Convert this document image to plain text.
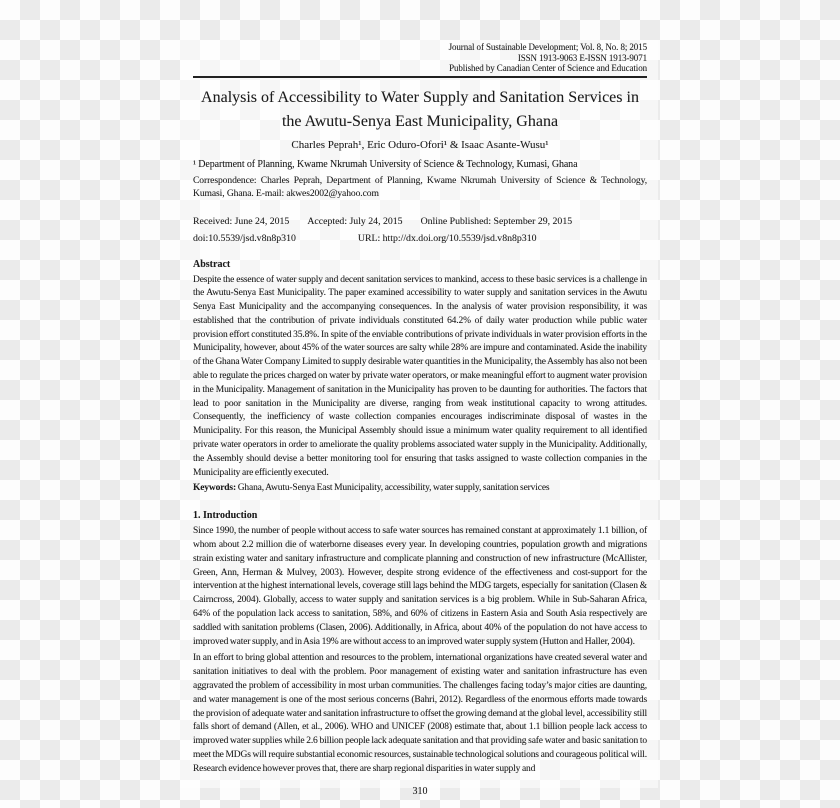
Journal of Sustainable Development; Vol. 8, No. 8; 2015
ISSN 1913-9063 E-ISSN 1913-9071
Published by Canadian Center of Science and Education
Analysis of Accessibility to Water Supply and Sanitation Services in
the Awutu-Senya East Municipality, Ghana
Charles Peprah¹, Eric Oduro-Ofori¹ & Isaac Asante-Wusu¹
¹ Department of Planning, Kwame Nkrumah University of Science & Technology, Kumasi, Ghana
Correspondence: Charles Peprah, Department of Planning, Kwame Nkrumah University of Science & Technology, Kumasi, Ghana. E-mail: akwes2002@yahoo.com
Received: June 24, 2015 Accepted: July 24, 2015 Online Published: September 29, 2015
doi:10.5539/jsd.v8n8p310	URL: http://dx.doi.org/10.5539/jsd.v8n8p310
Abstract
Despite the essence of water supply and decent sanitation services to mankind, access to these basic services is a challenge in the Awutu-Senya East Municipality. The paper examined accessibility to water supply and sanitation services in the Awutu Senya East Municipality and the accompanying consequences. In the analysis of water provision responsibility, it was established that the contribution of private individuals constituted 64.2% of daily water production while public water provision effort constituted 35.8%. In spite of the enviable contributions of private individuals in water provision efforts in the Municipality, however, about 45% of the water sources are salty while 28% are impure and contaminated. Aside the inability of the Ghana Water Company Limited to supply desirable water quantities in the Municipality, the Assembly has also not been able to regulate the prices charged on water by private water operators, or make meaningful effort to augment water provision in the Municipality. Management of sanitation in the Municipality has proven to be daunting for authorities. The factors that lead to poor sanitation in the Municipality are diverse, ranging from weak institutional capacity to wrong attitudes. Consequently, the inefficiency of waste collection companies encourages indiscriminate disposal of wastes in the Municipality. For this reason, the Municipal Assembly should issue a minimum water quality requirement to all identified private water operators in order to ameliorate the quality problems associated water supply in the Municipality. Additionally, the Assembly should devise a better monitoring tool for ensuring that tasks assigned to waste collection companies in the Municipality are efficiently executed.
Keywords: Ghana, Awutu-Senya East Municipality, accessibility, water supply, sanitation services
1. Introduction
Since 1990, the number of people without access to safe water sources has remained constant at approximately 1.1 billion, of whom about 2.2 million die of waterborne diseases every year. In developing countries, population growth and migrations strain existing water and sanitary infrastructure and complicate planning and construction of new infrastructure (McAllister, Green, Ann, Herman & Mulvey, 2003). However, despite strong evidence of the effectiveness and cost-support for the intervention at the highest international levels, coverage still lags behind the MDG targets, especially for sanitation (Clasen & Cairncross, 2004). Globally, access to water supply and sanitation services is a big problem. While in Sub-Saharan Africa, 64% of the population lack access to sanitation, 58%, and 60% of citizens in Eastern Asia and South Asia respectively are saddled with sanitation problems (Clasen, 2006). Additionally, in Africa, about 40% of the population do not have access to improved water supply, and in Asia 19% are without access to an improved water supply system (Hutton and Haller, 2004).
In an effort to bring global attention and resources to the problem, international organizations have created several water and sanitation initiatives to deal with the problem. Poor management of existing water and sanitation infrastructure has even aggravated the problem of accessibility in most urban communities. The challenges facing today’s major cities are daunting, and water management is one of the most serious concerns (Bahri, 2012). Regardless of the enormous efforts made towards the provision of adequate water and sanitation infrastructure to offset the growing demand at the global level, accessibility still falls short of demand (Allen, et al., 2006). WHO and UNICEF (2008) estimate that, about 1.1 billion people lack access to improved water supplies while 2.6 billion people lack adequate sanitation and that providing safe water and basic sanitation to meet the MDGs will require substantial economic resources, sustainable technological solutions and courageous political will. Research evidence however proves that, there are sharp regional disparities in water supply and
310
